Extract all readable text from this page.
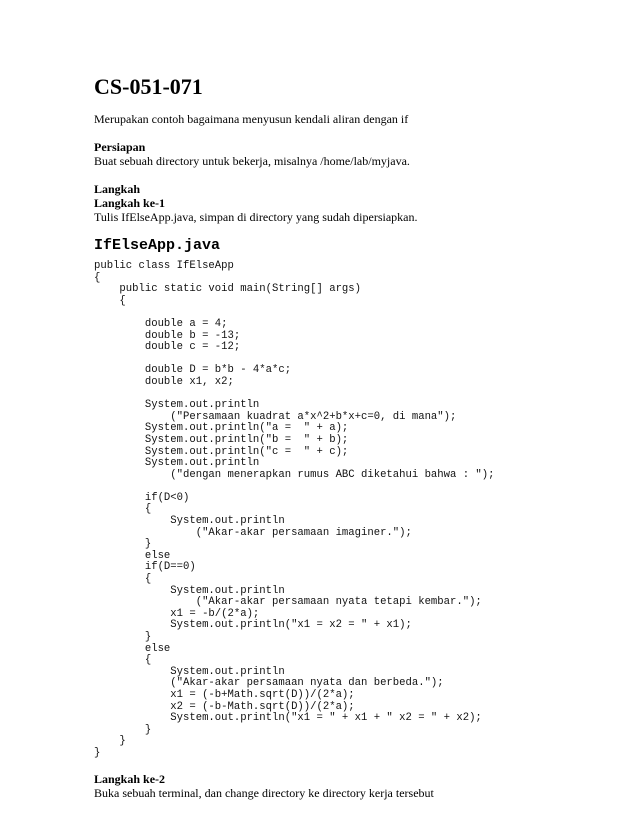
CS-051-071

Merupakan contoh bagaimana menyusun kendali aliran dengan if

Persiapan

Buat sebuah directory untuk bekerja, misalnya /home/lab/myjava.

Langkah

Langkah ke-1

Tulis IfElseApp.java, simpan di directory yang sudah dipersiapkan.

IfElseApp.java
public class IfElseApp
{
public static void main(String[] args)
{
double a = 4;
double b = -13;
double c = -12;
double D = b*b - 4*a*c;
double x1, x2;
System.out.println
("Persamaan kuadrat a*x^2+b*x+c=0, di mana");
System.out.println("a =  " + a);
System.out.println("b =  " + b);
System.out.println("c =  " + c);
System.out.println
("dengan menerapkan rumus ABC diketahui bahwa : ");
if(D<0)
{
System.out.println
("Akar-akar persamaan imaginer.");
}
else
if(D==0)
{
System.out.println
("Akar-akar persamaan nyata tetapi kembar.");
x1 = -b/(2*a);
System.out.println("x1 = x2 = " + x1);
}
else
{
System.out.println
("Akar-akar persamaan nyata dan berbeda.");
x1 = (-b+Math.sqrt(D))/(2*a);
x2 = (-b-Math.sqrt(D))/(2*a);
System.out.println("x1 = " + x1 + " x2 = " + x2);
}
}
}

Langkah ke-2

Buka sebuah terminal, dan change directory ke directory kerja tersebut
